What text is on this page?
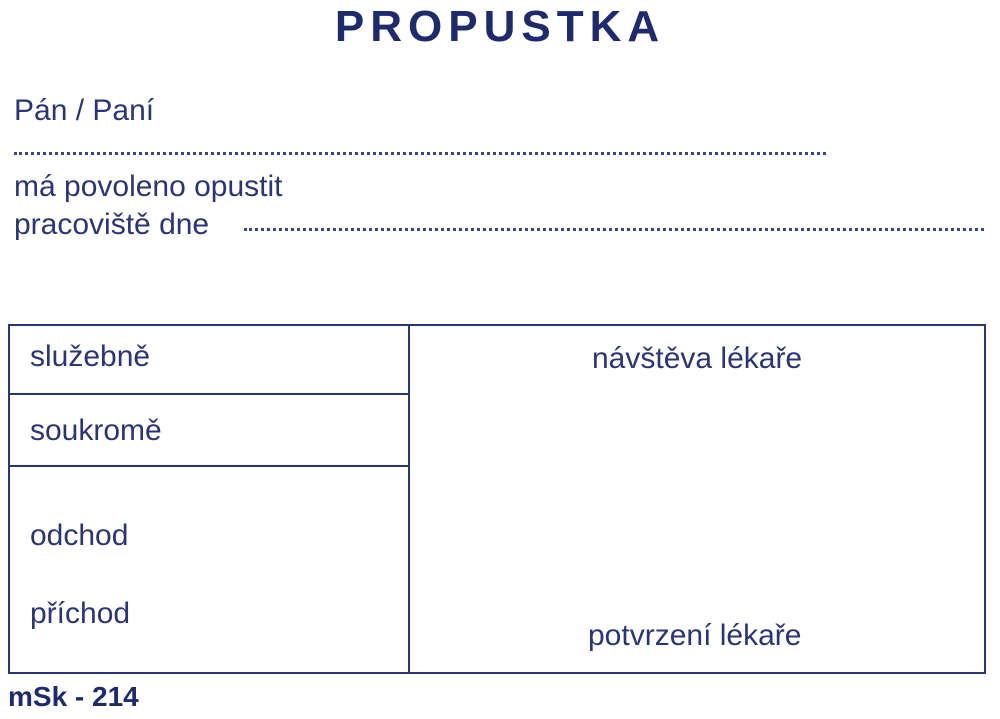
PROPUSTKA
Pán / Paní
má povoleno opustit
pracoviště dne
služebně
soukromě
odchod
příchod
návštěva lékaře
potvrzení lékaře
mSk - 214
